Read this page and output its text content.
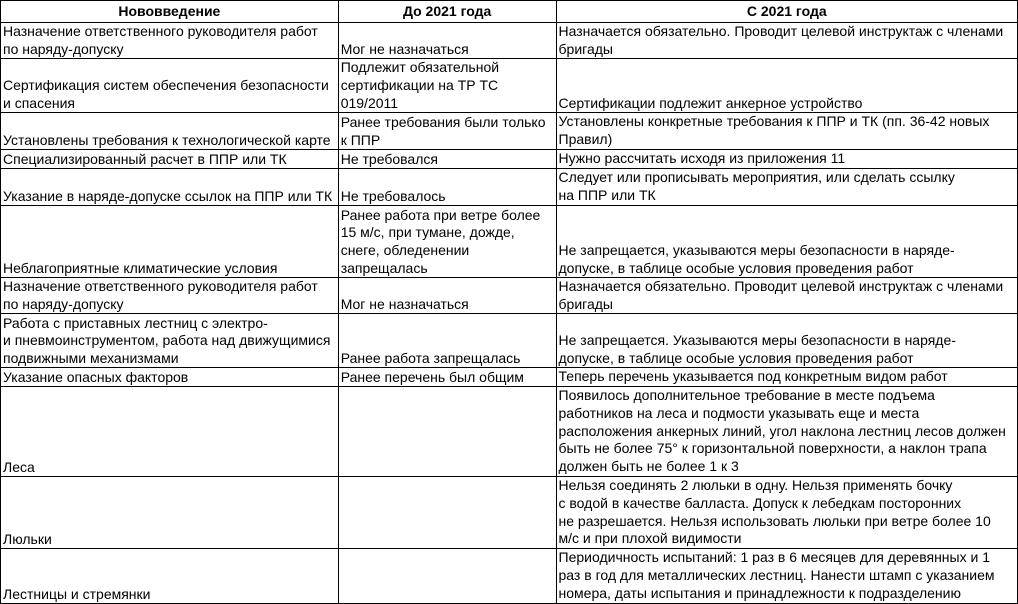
Нововведение	До 2021 года	С 2021 года
Назначение ответственного руководителя работ
по наряду-допуску	Мог не назначаться	Назначается обязательно. Проводит целевой инструктаж с членами
бригады
Сертификация систем обеспечения безопасности
и спасения	Подлежит обязательной
сертификации на ТР ТС
019/2011	Сертификации подлежит анкерное устройство
Установлены требования к технологической карте	Ранее требования были только
к ППР	Установлены конкретные требования к ППР и ТК (пп. 36-42 новых
Правил)
Специализированный расчет в ППР или ТК	Не требовался	Нужно рассчитать исходя из приложения 11
Указание в наряде-допуске ссылок на ППР или ТК	Не требовалось	Следует или прописывать мероприятия, или сделать ссылку
на ППР или ТК
Неблагоприятные климатические условия	Ранее работа при ветре более
15 м/с, при тумане, дожде,
снеге, обледенении
запрещалась	Не запрещается, указываются меры безопасности в наряде-
допуске, в таблице особые условия проведения работ
Назначение ответственного руководителя работ
по наряду-допуску	Мог не назначаться	Назначается обязательно. Проводит целевой инструктаж с членами
бригады
Работа с приставных лестниц с электро-
и пневмоинструментом, работа над движущимися
подвижными механизмами	Ранее работа запрещалась	Не запрещается. Указываются меры безопасности в наряде-
допуске, в таблице особые условия проведения работ
Указание опасных факторов	Ранее перечень был общим	Теперь перечень указывается под конкретным видом работ
Леса		Появилось дополнительное требование в месте подъема
работников на леса и подмости указывать еще и места
расположения анкерных линий, угол наклона лестниц лесов должен
быть не более 75° к горизонтальной поверхности, а наклон трапа
должен быть не более 1 к 3
Люльки		Нельзя соединять 2 люльки в одну. Нельзя применять бочку
с водой в качестве балласта. Допуск к лебедкам посторонних
не разрешается. Нельзя использовать люльки при ветре более 10
м/с и при плохой видимости
Лестницы и стремянки		Периодичность испытаний: 1 раз в 6 месяцев для деревянных и 1
раз в год для металлических лестниц. Нанести штамп с указанием
номера, даты испытания и принадлежности к подразделению
